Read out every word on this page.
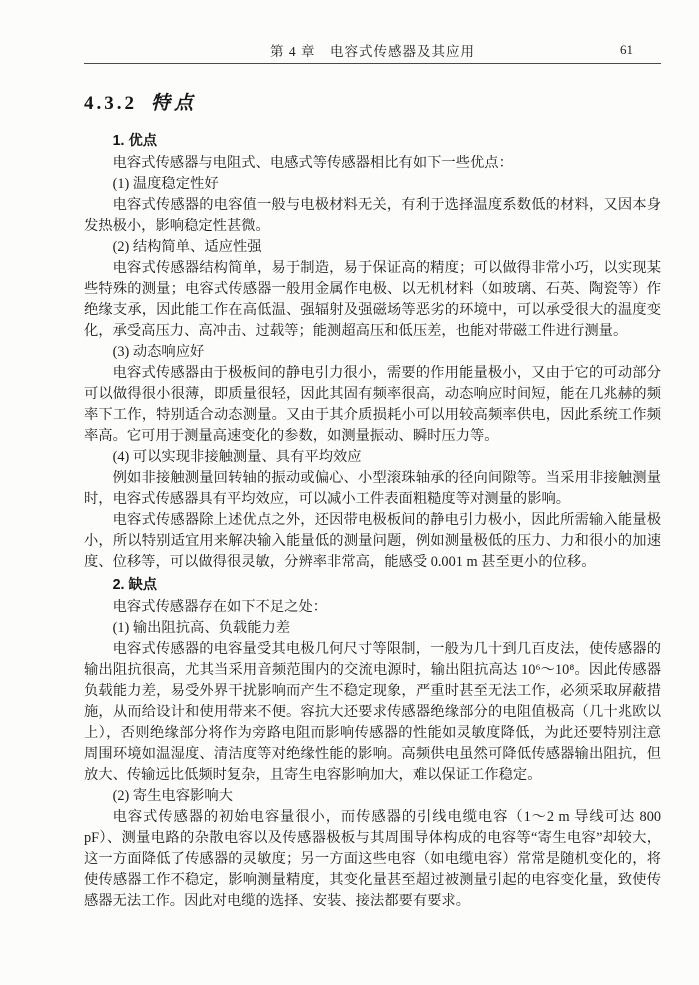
第 4 章　电容式传感器及其应用	61
4.3.2 特点
1. 优点

电容式传感器与电阻式、电感式等传感器相比有如下一些优点：

(1) 温度稳定性好

电容式传感器的电容值一般与电极材料无关，有利于选择温度系数低的材料，又因本身发热极小，影响稳定性甚微。

(2) 结构简单、适应性强

电容式传感器结构简单，易于制造，易于保证高的精度；可以做得非常小巧，以实现某些特殊的测量；电容式传感器一般用金属作电极、以无机材料（如玻璃、石英、陶瓷等）作绝缘支承，因此能工作在高低温、强辐射及强磁场等恶劣的环境中，可以承受很大的温度变化，承受高压力、高冲击、过载等；能测超高压和低压差，也能对带磁工件进行测量。

(3) 动态响应好

电容式传感器由于极板间的静电引力很小，需要的作用能量极小，又由于它的可动部分可以做得很小很薄，即质量很轻，因此其固有频率很高，动态响应时间短，能在几兆赫的频率下工作，特别适合动态测量。又由于其介质损耗小可以用较高频率供电，因此系统工作频率高。它可用于测量高速变化的参数，如测量振动、瞬时压力等。

(4) 可以实现非接触测量、具有平均效应

例如非接触测量回转轴的振动或偏心、小型滚珠轴承的径向间隙等。当采用非接触测量时，电容式传感器具有平均效应，可以减小工件表面粗糙度等对测量的影响。

电容式传感器除上述优点之外，还因带电极板间的静电引力极小，因此所需输入能量极小，所以特别适宜用来解决输入能量低的测量问题，例如测量极低的压力、力和很小的加速度、位移等，可以做得很灵敏，分辨率非常高，能感受 0.001 m 甚至更小的位移。

2. 缺点

电容式传感器存在如下不足之处：

(1) 输出阻抗高、负载能力差

电容式传感器的电容量受其电极几何尺寸等限制，一般为几十到几百皮法，使传感器的输出阻抗很高，尤其当采用音频范围内的交流电源时，输出阻抗高达 10⁶～10⁸。因此传感器负载能力差，易受外界干扰影响而产生不稳定现象，严重时甚至无法工作，必须采取屏蔽措施，从而给设计和使用带来不便。容抗大还要求传感器绝缘部分的电阻值极高（几十兆欧以上），否则绝缘部分将作为旁路电阻而影响传感器的性能如灵敏度降低，为此还要特别注意周围环境如温湿度、清洁度等对绝缘性能的影响。高频供电虽然可降低传感器输出阻抗，但放大、传输远比低频时复杂，且寄生电容影响加大，难以保证工作稳定。

(2) 寄生电容影响大

电容式传感器的初始电容量很小，而传感器的引线电缆电容（1～2 m 导线可达 800 pF）、测量电路的杂散电容以及传感器极板与其周围导体构成的电容等“寄生电容”却较大，这一方面降低了传感器的灵敏度；另一方面这些电容（如电缆电容）常常是随机变化的，将使传感器工作不稳定，影响测量精度，其变化量甚至超过被测量引起的电容变化量，致使传感器无法工作。因此对电缆的选择、安装、接法都要有要求。
